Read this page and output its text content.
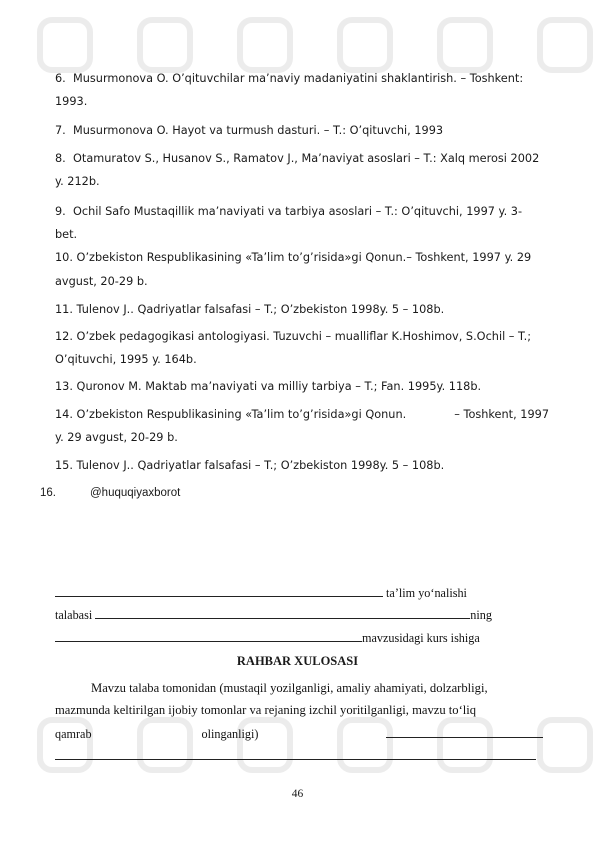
6. Musurmonova O. O’qituvchilar ma’naviy madaniyatini shaklantirish. – Toshkent:
1993.
7. Musurmonova O. Hayot va turmush dasturi. – T.: O’qituvchi, 1993
8. Otamuratov S., Husanov S., Ramatov J., Ma’naviyat asoslari – T.: Xalq merosi 2002
y. 212b.
9. Ochil Safo Mustaqillik ma’naviyati va tarbiya asoslari – T.: O’qituvchi, 1997 y. 3-
bet.
10. O’zbekiston Respublikasining «Ta’lim to’g’risida»gi Qonun.– Toshkent, 1997 y. 29
avgust, 20-29 b.
11. Tulenov J.. Qadriyatlar falsafasi – T.; O’zbekiston 1998y. 5 – 108b.
12. O’zbek pedagogikasi antologiyasi. Tuzuvchi – mualliflar K.Hoshimov, S.Ochil – T.;
O’qituvchi, 1995 y. 164b.
13. Quronov M. Maktab ma’naviyati va milliy tarbiya – T.; Fan. 1995y. 118b.
14. O’zbekiston Respublikasining «Ta’lim to’g’risida»gi Qonun.	– Toshkent, 1997
y. 29 avgust, 20-29 b.
15. Tulenov J.. Qadriyatlar falsafasi – T.; O’zbekiston 1998y. 5 – 108b.
16.	@huquqiyaxborot
ta’lim yo‘nalishi
talabasi	ning
mavzusidagi kurs ishiga
RAHBAR XULOSASI
Mavzu talaba tomonidan (mustaqil yozilganligi, amaliy ahamiyati, dolzarbligi,
mazmunda keltirilgan ijobiy tomonlar va rejaning izchil yoritilganligi, mavzu to‘liq
qamrab	olinganligi)
46
